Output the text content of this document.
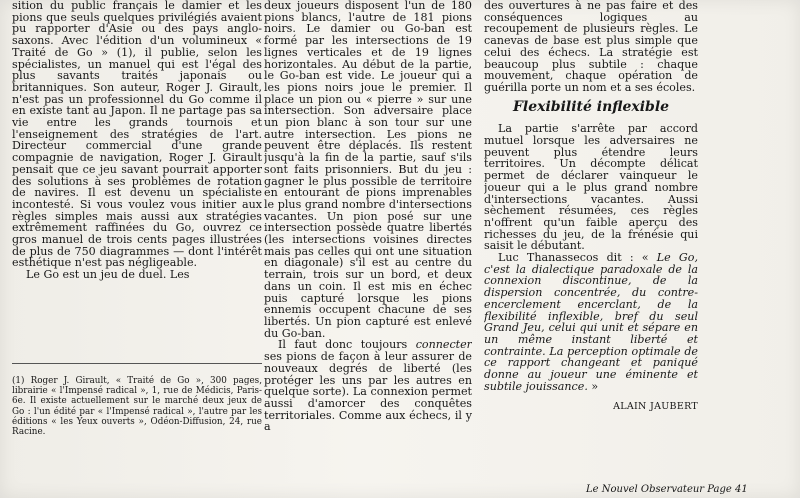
sition du public français le damier et les pions que seuls quelques privilégiés avaient pu rapporter d'Asie ou des pays anglo-saxons. Avec l'édition d'un volumineux « Traité de Go » (1), il publie, selon les spécialistes, un manuel qui est l'égal des plus savants traités japonais ou britanniques. Son auteur, Roger J. Girault, n'est pas un professionnel du Go comme il en existe tant au Japon. Il ne partage pas sa vie entre les grands tournois et l'enseignement des stratégies de l'art. Directeur commercial d'une grande compagnie de navigation, Roger J. Girault pensait que ce jeu savant pourrait apporter des solutions à ses problèmes de rotation de navires. Il est devenu un spécialiste incontesté. Si vous voulez vous initier aux règles simples mais aussi aux stratégies extrêmement raffinées du Go, ouvrez ce gros manuel de trois cents pages illustrées de plus de 750 diagrammes — dont l'intérêt esthétique n'est pas négligeable.

Le Go est un jeu de duel. Les

(1) Roger J. Girault, « Traité de Go », 300 pages, librairie « l'Impensé radical », 1, rue de Médicis, Paris-6e. Il existe actuellement sur le marché deux jeux de Go : l'un édité par « l'Impensé radical », l'autre par les éditions « les Yeux ouverts », Odéon-Diffusion, 24, rue Racine.

deux joueurs disposent l'un de 180 pions blancs, l'autre de 181 pions noirs. Le damier ou Go-ban est formé par les intersections de 19 lignes verticales et de 19 lignes horizontales. Au début de la partie, le Go-ban est vide. Le joueur qui a les pions noirs joue le premier. Il place un pion ou « pierre » sur une intersection. Son adversaire place un pion blanc à son tour sur une autre intersection. Les pions ne peuvent être déplacés. Ils restent jusqu'à la fin de la partie, sauf s'ils sont faits prisonniers. But du jeu : gagner le plus possible de territoire en entourant de pions imprenables le plus grand nombre d'intersections vacantes. Un pion posé sur une intersection possède quatre libertés (les intersections voisines directes mais pas celles qui ont une situation en diagonale) s'il est au centre du terrain, trois sur un bord, et deux dans un coin. Il est mis en échec puis capturé lorsque les pions ennemis occupent chacune de ses libertés. Un pion capturé est enlevé du Go-ban.

Il faut donc toujours connecter ses pions de façon à leur assurer de nouveaux degrés de liberté (les protéger les uns par les autres en quelque sorte). La connexion permet aussi d'amorcer des conquêtes territoriales. Comme aux échecs, il y a

des ouvertures à ne pas faire et des conséquences logiques au recoupement de plusieurs règles. Le canevas de base est plus simple que celui des échecs. La stratégie est beaucoup plus subtile : chaque mouvement, chaque opération de guérilla porte un nom et a ses écoles.

Flexibilité inflexible

La partie s'arrête par accord mutuel lorsque les adversaires ne peuvent plus étendre leurs territoires. Un décompte délicat permet de déclarer vainqueur le joueur qui a le plus grand nombre d'intersections vacantes. Aussi sèchement résumées, ces règles n'offrent qu'un faible aperçu des richesses du jeu, de la frénésie qui saisit le débutant.

Luc Thanassecos dit : « Le Go, c'est la dialectique paradoxale de la connexion discontinue, de la dispersion concentrée, du contre-encerclement encerclant, de la flexibilité inflexible, bref du seul Grand Jeu, celui qui unit et sépare en un même instant liberté et contrainte. La perception optimale de ce rapport changeant et paniqué donne au joueur une éminente et subtile jouissance. »

ALAIN JAUBERT
Le Nouvel Observateur Page 41
